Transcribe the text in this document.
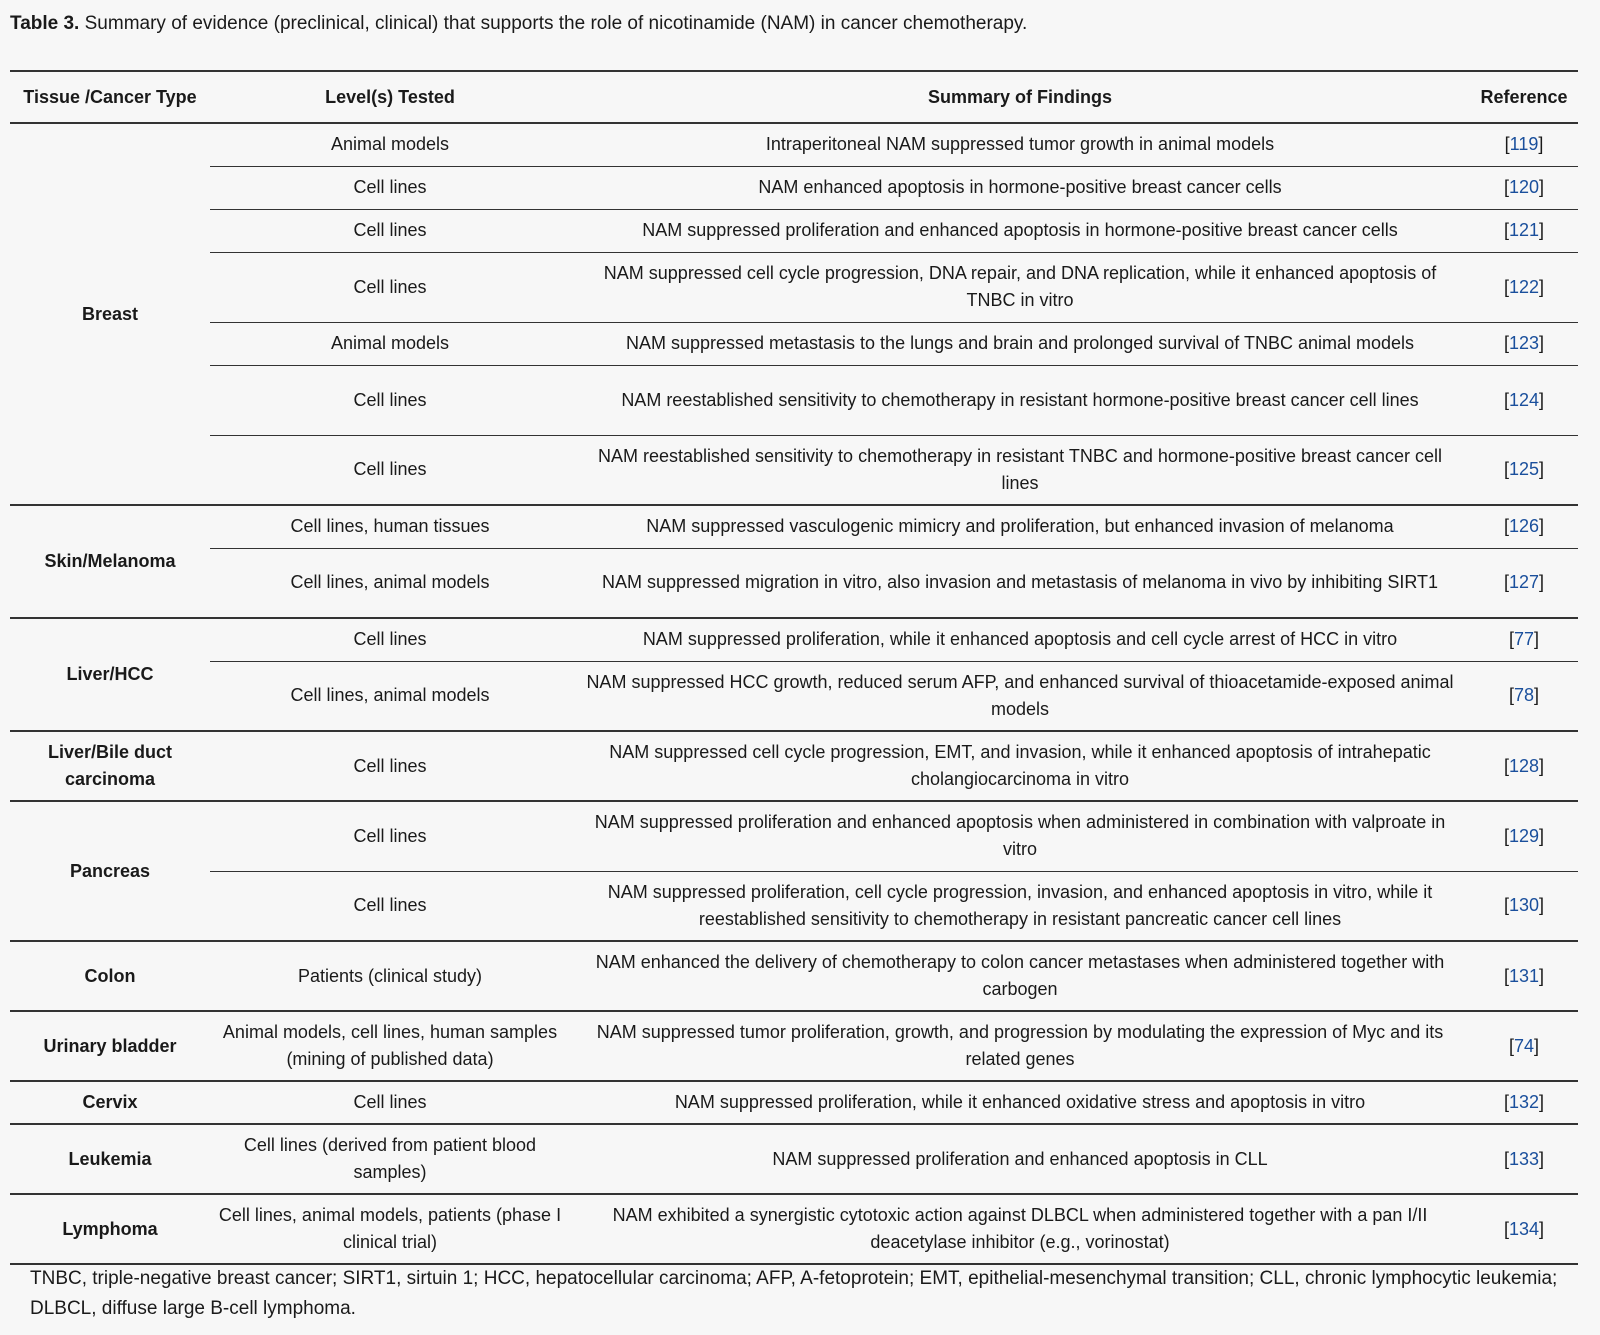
Table 3. Summary of evidence (preclinical, clinical) that supports the role of nicotinamide (NAM) in cancer chemotherapy.
Tissue /Cancer Type	Level(s) Tested	Summary of Findings	Reference
Breast	Animal models	Intraperitoneal NAM suppressed tumor growth in animal models	[119]
	Cell lines	NAM enhanced apoptosis in hormone-positive breast cancer cells	[120]
	Cell lines	NAM suppressed proliferation and enhanced apoptosis in hormone-positive breast cancer cells	[121]
	Cell lines	NAM suppressed cell cycle progression, DNA repair, and DNA replication, while it enhanced apoptosis of TNBC in vitro	[122]
	Animal models	NAM suppressed metastasis to the lungs and brain and prolonged survival of TNBC animal models	[123]
	Cell lines	NAM reestablished sensitivity to chemotherapy in resistant hormone-positive breast cancer cell lines	[124]
	Cell lines	NAM reestablished sensitivity to chemotherapy in resistant TNBC and hormone-positive breast cancer cell lines	[125]
Skin/Melanoma	Cell lines, human tissues	NAM suppressed vasculogenic mimicry and proliferation, but enhanced invasion of melanoma	[126]
	Cell lines, animal models	NAM suppressed migration in vitro, also invasion and metastasis of melanoma in vivo by inhibiting SIRT1	[127]
Liver/HCC	Cell lines	NAM suppressed proliferation, while it enhanced apoptosis and cell cycle arrest of HCC in vitro	[77]
	Cell lines, animal models	NAM suppressed HCC growth, reduced serum AFP, and enhanced survival of thioacetamide-exposed animal models	[78]
Liver/Bile duct carcinoma	Cell lines	NAM suppressed cell cycle progression, EMT, and invasion, while it enhanced apoptosis of intrahepatic cholangiocarcinoma in vitro	[128]
Pancreas	Cell lines	NAM suppressed proliferation and enhanced apoptosis when administered in combination with valproate in vitro	[129]
	Cell lines	NAM suppressed proliferation, cell cycle progression, invasion, and enhanced apoptosis in vitro, while it reestablished sensitivity to chemotherapy in resistant pancreatic cancer cell lines	[130]
Colon	Patients (clinical study)	NAM enhanced the delivery of chemotherapy to colon cancer metastases when administered together with carbogen	[131]
Urinary bladder	Animal models, cell lines, human samples (mining of published data)	NAM suppressed tumor proliferation, growth, and progression by modulating the expression of Myc and its related genes	[74]
Cervix	Cell lines	NAM suppressed proliferation, while it enhanced oxidative stress and apoptosis in vitro	[132]
Leukemia	Cell lines (derived from patient blood samples)	NAM suppressed proliferation and enhanced apoptosis in CLL	[133]
Lymphoma	Cell lines, animal models, patients (phase I clinical trial)	NAM exhibited a synergistic cytotoxic action against DLBCL when administered together with a pan I/II deacetylase inhibitor (e.g., vorinostat)	[134]
TNBC, triple-negative breast cancer; SIRT1, sirtuin 1; HCC, hepatocellular carcinoma; AFP, A-fetoprotein; EMT, epithelial-mesenchymal transition; CLL, chronic lymphocytic leukemia; DLBCL, diffuse large B-cell lymphoma.
